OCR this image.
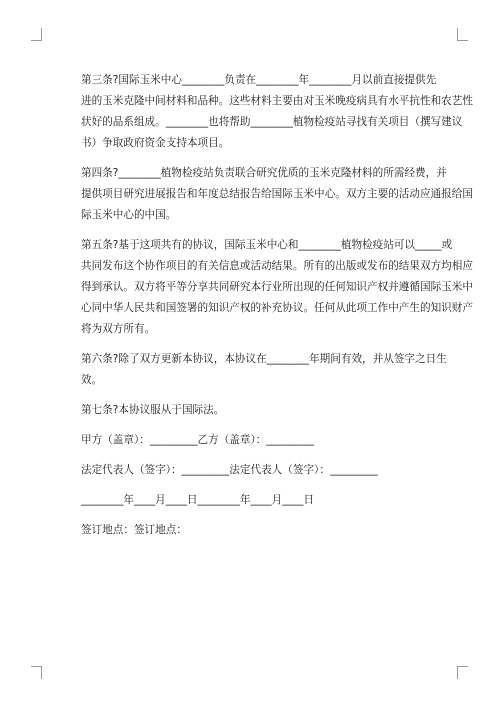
第三条?国际玉米中心________负责在________年________月以前直接提供先
进的玉米克隆中间材料和品种。这些材料主要由对玉米晚疫病具有水平抗性和农艺性
状好的品系组成。________也将帮助________植物检疫站寻找有关项目（撰写建议
书）争取政府资金支持本项目。

第四条?________植物检疫站负责联合研究优质的玉米克隆材料的所需经费，并
提供项目研究进展报告和年度总结报告给国际玉米中心。双方主要的活动应通报给国
际玉米中心的中国。

第五条?基于这项共有的协议，国际玉米中心和________植物检疫站可以_____或
共同发布这个协作项目的有关信息或活动结果。所有的出版或发布的结果双方均相应
得到承认。双方将平等分享共同研究本行业所出现的任何知识产权并遵循国际玉米中
心同中华人民共和国签署的知识产权的补充协议。任何从此项工作中产生的知识财产
将为双方所有。

第六条?除了双方更新本协议，本协议在________年期间有效，并从签字之日生
效。

第七条?本协议服从于国际法。

甲方（盖章）：_________乙方（盖章）：_________
法定代表人（签字）：_________法定代表人（签字）：_________
________年____月____日________年____月____日
签订地点：签订地点：
